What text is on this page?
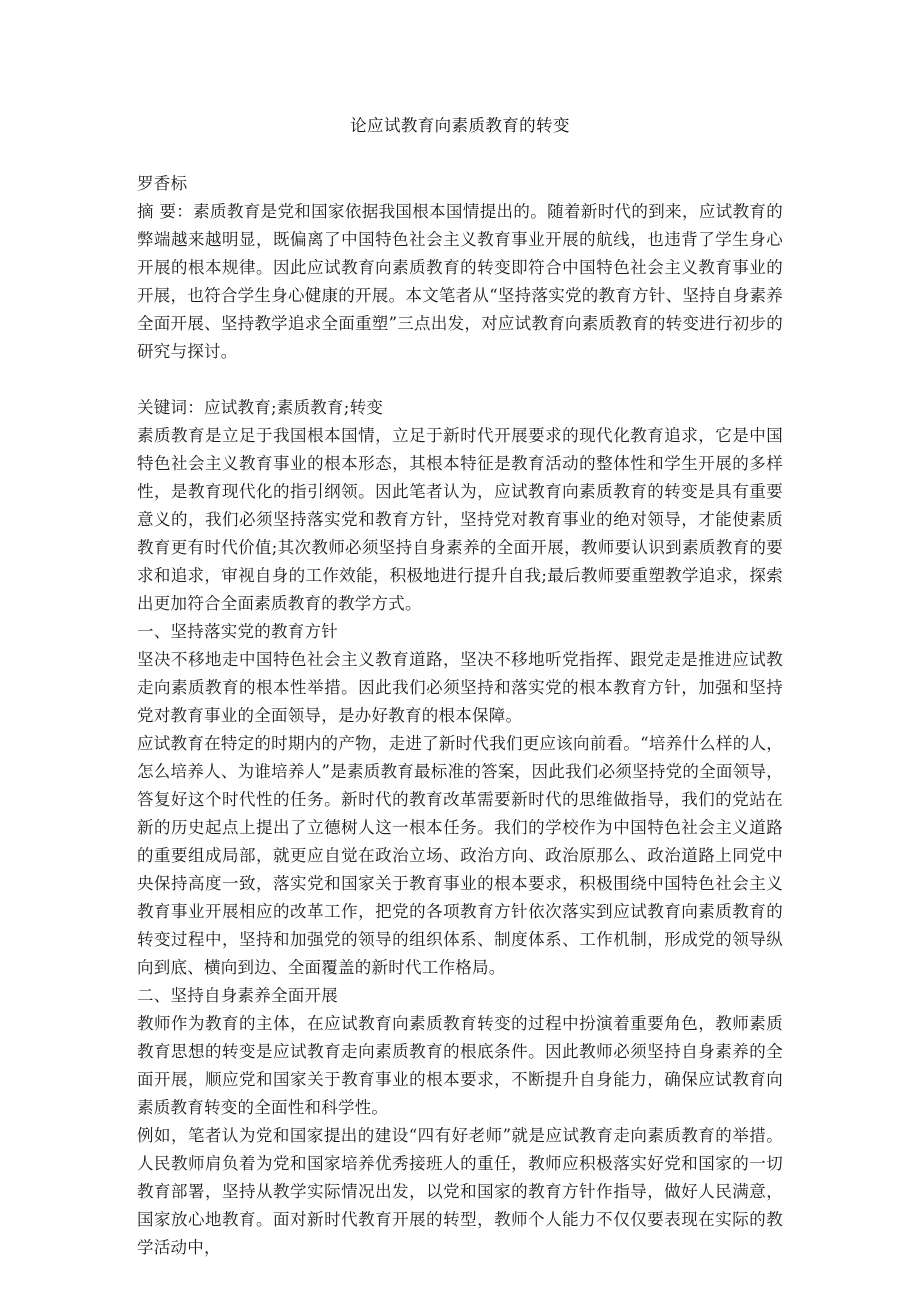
论应试教育向素质教育的转变

罗香标

摘 要：素质教育是党和国家依据我国根本国情提出的。随着新时代的到来，应试教育的弊端越来越明显，既偏离了中国特色社会主义教育事业开展的航线，也违背了学生身心开展的根本规律。因此应试教育向素质教育的转变即符合中国特色社会主义教育事业的开展，也符合学生身心健康的开展。本文笔者从“坚持落实党的教育方针、坚持自身素养全面开展、坚持教学追求全面重塑”三点出发，对应试教育向素质教育的转变进行初步的研究与探讨。

关键词：应试教育;素质教育;转变

素质教育是立足于我国根本国情，立足于新时代开展要求的现代化教育追求，它是中国特色社会主义教育事业的根本形态，其根本特征是教育活动的整体性和学生开展的多样性，是教育现代化的指引纲领。因此笔者认为，应试教育向素质教育的转变是具有重要意义的，我们必须坚持落实党和教育方针，坚持党对教育事业的绝对领导，才能使素质教育更有时代价值;其次教师必须坚持自身素养的全面开展，教师要认识到素质教育的要求和追求，审视自身的工作效能，积极地进行提升自我;最后教师要重塑教学追求，探索出更加符合全面素质教育的教学方式。

一、坚持落实党的教育方针

坚决不移地走中国特色社会主义教育道路，坚决不移地听党指挥、跟党走是推进应试教走向素质教育的根本性举措。因此我们必须坚持和落实党的根本教育方针，加强和坚持党对教育事业的全面领导，是办好教育的根本保障。

应试教育在特定的时期内的产物，走进了新时代我们更应该向前看。“培养什么样的人，怎么培养人、为谁培养人”是素质教育最标准的答案，因此我们必须坚持党的全面领导，答复好这个时代性的任务。新时代的教育改革需要新时代的思维做指导，我们的党站在新的历史起点上提出了立德树人这一根本任务。我们的学校作为中国特色社会主义道路的重要组成局部，就更应自觉在政治立场、政治方向、政治原那么、政治道路上同党中央保持高度一致，落实党和国家关于教育事业的根本要求，积极围绕中国特色社会主义教育事业开展相应的改革工作，把党的各项教育方针依次落实到应试教育向素质教育的转变过程中，坚持和加强党的领导的组织体系、制度体系、工作机制，形成党的领导纵向到底、横向到边、全面覆盖的新时代工作格局。

二、坚持自身素养全面开展

教师作为教育的主体，在应试教育向素质教育转变的过程中扮演着重要角色，教师素质教育思想的转变是应试教育走向素质教育的根底条件。因此教师必须坚持自身素养的全面开展，顺应党和国家关于教育事业的根本要求，不断提升自身能力，确保应试教育向素质教育转变的全面性和科学性。

例如，笔者认为党和国家提出的建设“四有好老师”就是应试教育走向素质教育的举措。人民教师肩负着为党和国家培养优秀接班人的重任，教师应积极落实好党和国家的一切教育部署，坚持从教学实际情况出发，以党和国家的教育方针作指导，做好人民满意，国家放心地教育。面对新时代教育开展的转型，教师个人能力不仅仅要表现在实际的教学活动中，
